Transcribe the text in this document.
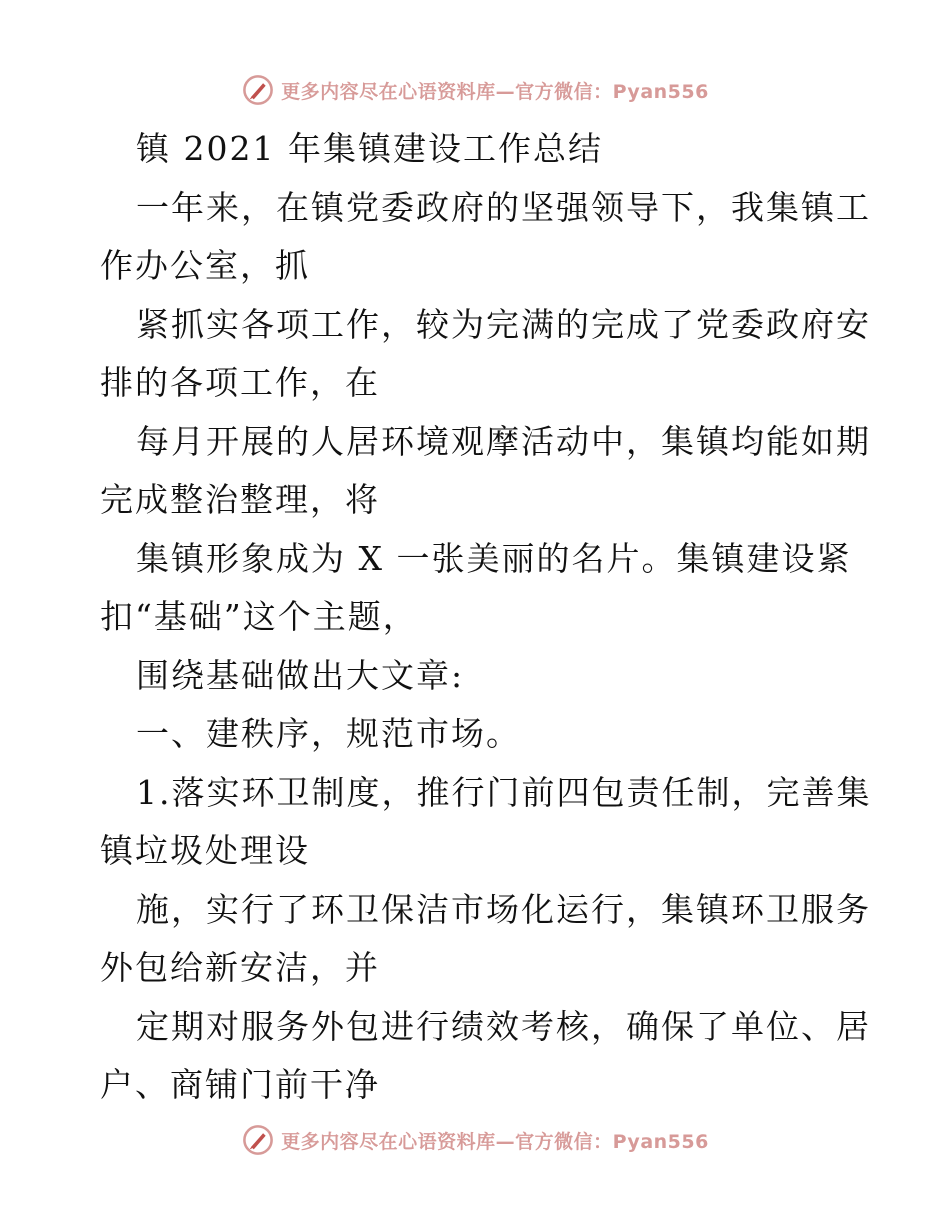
更多内容尽在心语资料库—官方微信：Pyan556
镇 2021 年集镇建设工作总结
一年来，在镇党委政府的坚强领导下，我集镇工
作办公室，抓
紧抓实各项工作，较为完满的完成了党委政府安
排的各项工作，在
每月开展的人居环境观摩活动中，集镇均能如期
完成整治整理，将
集镇形象成为 X 一张美丽的名片。集镇建设紧
扣“基础”这个主题，
围绕基础做出大文章:
一、建秩序，规范市场。
1.落实环卫制度，推行门前四包责任制，完善集
镇垃圾处理设
施，实行了环卫保洁市场化运行，集镇环卫服务
外包给新安洁，并
定期对服务外包进行绩效考核，确保了单位、居
户、商铺门前干净
更多内容尽在心语资料库—官方微信：Pyan556
